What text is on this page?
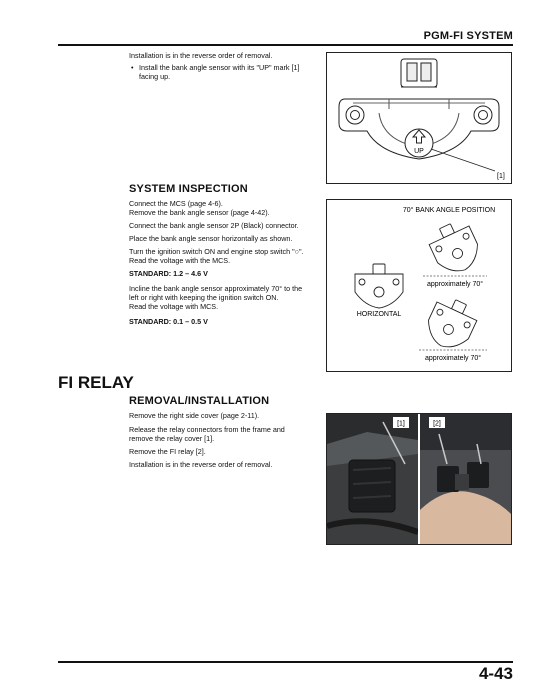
PGM-FI SYSTEM
Installation is in the reverse order of removal.
• Install the bank angle sensor with its "UP" mark [1]
facing up.
UP
[1]
SYSTEM INSPECTION
Connect the MCS (page 4-6).
Remove the bank angle sensor (page 4-42).
Connect the bank angle sensor 2P (Black) connector.
Place the bank angle sensor horizontally as shown.
Turn the ignition switch ON and engine stop switch "○".
Read the voltage with the MCS.
STANDARD: 1.2 – 4.6 V
Incline the bank angle sensor approximately 70° to the
left or right with keeping the ignition switch ON.
Read the voltage with MCS.
STANDARD: 0.1 – 0.5 V
70° BANK ANGLE POSITION
approximately 70°
HORIZONTAL
approximately 70°
FI RELAY
REMOVAL/INSTALLATION
Remove the right side cover (page 2-11).
Release the relay connectors from the frame and
remove the relay cover [1].
Remove the FI relay [2].
Installation is in the reverse order of removal.
[1]	[2]
4-43
